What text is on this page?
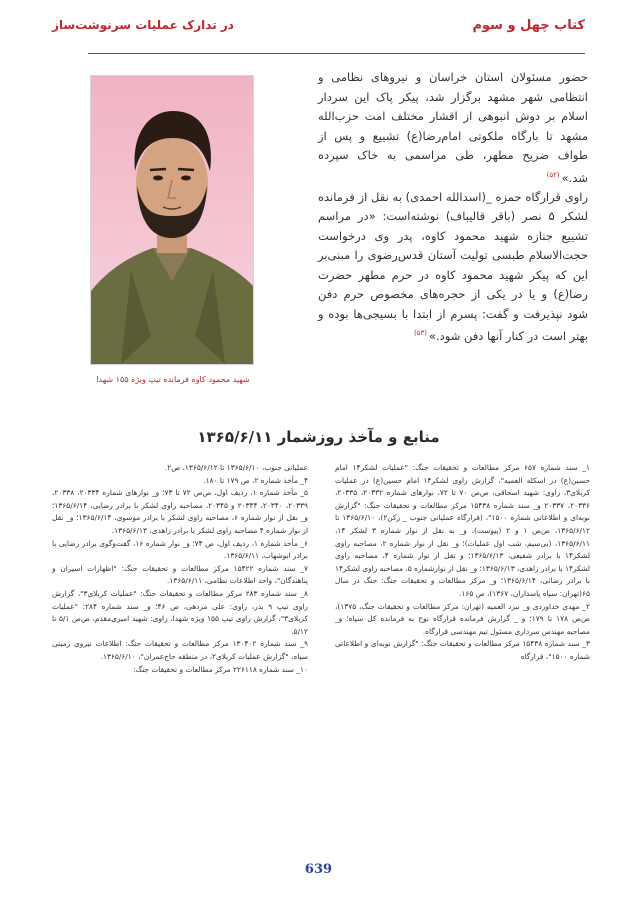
کتاب چهل و سوم
در تدارک عملیات سرنوشت‌ساز
شهید محمود کاوه فرمانده تیپ ویژه ۱۵۵ شهدا

حضور مسئولان استان خراسان و نیروهای نظامی و انتظامی شهر مشهد برگزار شد، پیکر پاک این سردار اسلام بر دوش انبوهی از اقشار مختلف امت حزب‌الله مشهد تا بارگاه ملکوتی امام‌رضا(ع) تشییع و پس از طواف ضریح مطهر، طی مراسمی به خاک سپرده شد.»$^{(۵۲)}$

راوی قرارگاه حمزه _(اسدالله احمدی) به نقل از فرمانده لشکر ۵ نصر (باقر قالیباف) نوشته‌است: «در مراسم تشییع جنازه شهید محمود کاوه، پدر وی درخواست حجت‌الاسلام طبسی تولیت آستان قدس‌رضوی را مبنی‌بر این که پیکر شهید محمود کاوه در حرم مطهر حضرت رضا(ع) و یا در یکی از حجره‌های مخصوص حرم دفن شود نپذیرفت و گفت: پسرم از ابتدا با بسیجی‌ها بوده و بهتر است در کنار آنها دفن شود.»$^{(۵۳)}$

منابع و مآخذ روزشمار ۱۳۶۵/۶/۱۱

۱_ سند شماره ۶۵۷ مرکز مطالعات و تحقیقات جنگ: "عملیات لشکر۱۴ امام حسین(ع) در اسکله العمیه"، گزارش راوی لشکر۱۴ امام حسین(ع) در عملیات کربلای۳، راوی: شهید اسحاقی، ص‌ص ۷۰ تا ۷۲، نوارهای شماره ۲۰۳۳۲، ۲۰۳۳۵، ۲۰۳۳۶، ۲۰۳۳۷ و_ سند شماره ۱۵۴۳۸ مرکز مطالعات و تحقیقات جنگ: "گزارش نوبه‌ای و اطلاعاتی شماره ۱۵۰۰"، (قرارگاه عملیاتی جنوب _ رکن۲)، ۱۳۶۵/۶/۱۰ تا ۱۳۶۵/۶/۱۲، ص‌ص ۱ و ۲ (پیوست)، و_ به نقل از نوار شماره ۳ لشکر ۱۴، ۱۳۶۵/۶/۱۱، (بی‌سیم، شب اول عملیات)؛ و_ نقل از نوار شماره ۲، مصاحبه راوی لشکر۱۴ با برادر شفیعی، ۱۳۶۵/۶/۱۳؛ و نقل از نوار شماره ۴، مصاحبه راوی لشکر۱۴ با برادر زاهدی، ۱۳۶۵/۶/۱۳؛ و_ نقل از نوارشماره ۵، مصاحبه راوی لشکر۱۴ با برادر رضائی، ۱۳۶۵/۶/۱۴؛ و_ مرکز مطالعات و تحقیقات جنگ: جنگ در سال ۶۵(تهران: سپاه پاسداران، ۱۳۶۷)، ص ۱۶۵.

۲_ مهدی خداوردی و_ نبرد العمیه (تهران: مرکز مطالعات و تحقیقات جنگ، ۱۳۷۵)، ص‌ص ۱۷۸ تا ۱۷۹؛ و _ گزارش فرمانده قرارگاه نوح به فرمانده کل سپاه؛ و_ مصاحبه مهندس سرداری مسئول تیم مهندسی قرارگاه.

۳_ سند شماره ۱۵۴۳۸ مرکز مطالعات و تحقیقات جنگ: "گزارش نوبه‌ای و اطلاعاتی شماره ۱۵۰۰"، قرارگاه

عملیاتی جنوب، ۱۳۶۵/۶/۱۰ تا ۱۳۶۵/۶/۱۲، ص۲.

۴_ مأخذ شماره ۲، ص ۱۷۹ تا ۱۸۰.

۵_ مأخذ شماره ۱، ردیف اول، ص‌ص ۷۲ تا ۷۳؛ و_ نوارهای شماره ۲۰۳۳۴، ۲۰۳۳۸، ۲۰۳۳۹، ۲۰۳۴۰، ۲۰۳۴۴ و ۲۰۳۴۵، مصاحبه راوی لشکر با برادر رضایی، ۱۳۶۵/۶/۱۴؛ و_ نقل از نوار شماره ۶، مصاحبه راوی لشکر با برادر موسوی، ۱۳۶۵/۶/۱۴؛ و_ نقل از نوار شماره ۴ مصاحبه راوی لشکر با برادر زاهدی، ۱۳۶۵/۶/۱۳.

۶_ مأخذ شماره ۱، ردیف اول، ص ۷۴؛ و_ نوار شماره ۱۶، گفت‌وگوی برادر رضایی با برادر ابوشهاب، ۱۳۶۵/۶/۱۱.

۷_ سند شماره ۱۵۴۲۲ مرکز مطالعات و تحقیقات جنگ: "اظهارات اسیران و پناهندگان"، واحد اطلاعات نظامی، ۱۳۶۵/۶/۱۱.

۸_ سند شماره ۲۸۳ مرکز مطالعات و تحقیقات جنگ: "عملیات کربلای۳"، گزارش راوی تیپ ۹ بدر، راوی: علی مزدهی، ص ۴۶؛ و_ سند شماره ۲۸۴: "عملیات کربلای۳"، گزارش راوی تیپ ۱۵۵ ویژه شهدا، راوی: شهید امیری‌مقدم، ص‌ص ۵/۱ تا ۵/۱۲.

۹_ سند شماره ۱۳۰۴۰۲ مرکز مطالعات و تحقیقات جنگ: اطلاعات نیروی زمینی سپاه، "گزارش عملیات کربلای۲، در منطقه حاج‌عمران"، ۱۳۶۵/۶/۱۰.

۱۰_ سند شماره ۲۲۶۱۱۸ مرکز مطالعات و تحقیقات جنگ:

639
